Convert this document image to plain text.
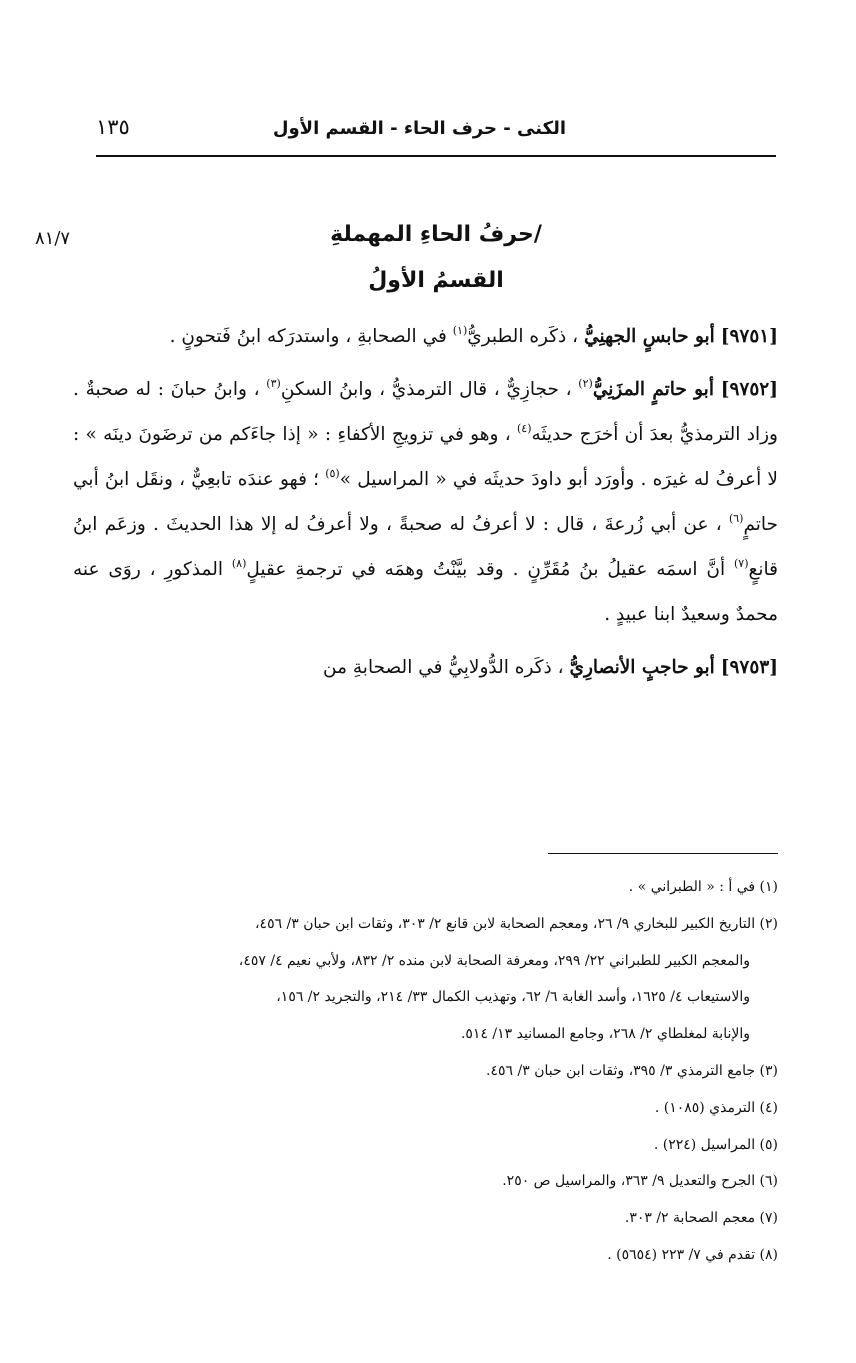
الكنى - حرف الحاء - القسم الأول
١٣٥
٨١/٧	/حرفُ الحاءِ المهملةِ
القسمُ الأولُ

[٩٧٥١] أبو حابسٍ الجهنِيُّ ، ذكَره الطبريُّ$^{(١)}$ في الصحابةِ ، واستدرَكه ابنُ فَتحونٍ .

[٩٧٥٢] أبو حاتمٍ المزَنِيُّ$^{(٢)}$ ، حجازِيٌّ ، قال الترمذيُّ ، وابنُ السكنِ$^{(٣)}$ ، وابنُ حبانَ : له صحبةٌ . وزاد الترمذيُّ بعدَ أن أخرَج حديثَه$^{(٤)}$ ، وهو في تزويجِ الأكفاءِ : « إذا جاءَكم من ترضَونَ دينَه » : لا أعرفُ له غيرَه . وأورَد أبو داودَ حديثَه في « المراسيل »$^{(٥)}$ ؛ فهو عندَه تابعِيٌّ ، ونقَل ابنُ أبي حاتمٍ$^{(٦)}$ ، عن أبي زُرعةَ ، قال : لا أعرفُ له صحبةً ، ولا أعرفُ له إلا هذا الحديثَ . وزعَم ابنُ قانعٍ$^{(٧)}$ أنَّ اسمَه عقيلُ بنُ مُقَرِّنٍ . وقد بيَّنْتُ وهمَه في ترجمةِ عقيلٍ$^{(٨)}$ المذكورِ ، روَى عنه محمدٌ وسعيدٌ ابنا عبيدٍ .

[٩٧٥٣] أبو حاجبٍ الأنصارِيُّ ، ذكَره الدُّولابِيُّ في الصحابةِ من

(١) في أ : « الطبراني » .
(٢) التاريخ الكبير للبخاري ٩/ ٢٦، ومعجم الصحابة لابن قانع ٢/ ٣٠٣، وثقات ابن حبان ٣/ ٤٥٦،
والمعجم الكبير للطبراني ٢٢/ ٢٩٩، ومعرفة الصحابة لابن منده ٢/ ٨٣٢، ولأبي نعيم ٤/ ٤٥٧،
والاستيعاب ٤/ ١٦٢٥، وأسد الغابة ٦/ ٦٢، وتهذيب الكمال ٣٣/ ٢١٤، والتجريد ٢/ ١٥٦،
والإنابة لمغلطاي ٢/ ٢٦٨، وجامع المسانيد ١٣/ ٥١٤.
(٣) جامع الترمذي ٣/ ٣٩٥، وثقات ابن حبان ٣/ ٤٥٦.
(٤) الترمذي (١٠٨٥) .
(٥) المراسيل (٢٢٤) .
(٦) الجرح والتعديل ٩/ ٣٦٣، والمراسيل ص ٢٥٠.
(٧) معجم الصحابة ٢/ ٣٠٣.
(٨) تقدم في ٧/ ٢٢٣ (٥٦٥٤) .
